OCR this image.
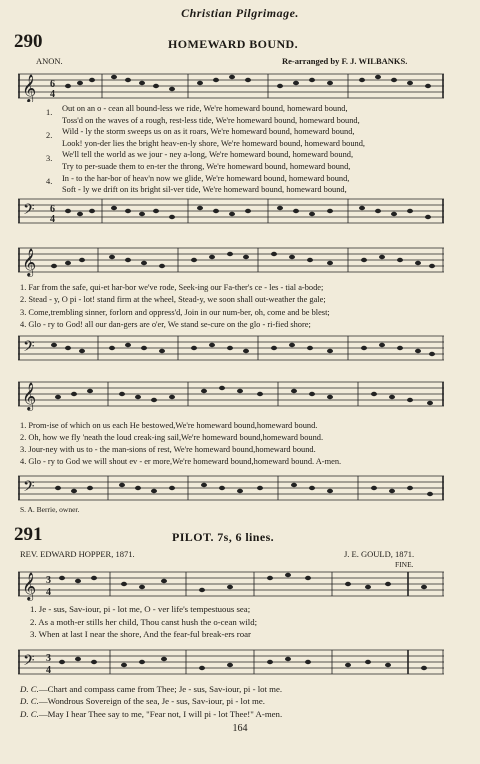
Christian Pilgrimage.
290	HOMEWARD BOUND.
ANON.	Re-arranged by F. J. WILBANKS.
𝄞 6
4
1.
2.
3.
4.
Out on an o - cean all bound-less we ride, We're homeward bound, homeward bound,
Toss'd on the waves of a rough, rest-less tide, We're homeward bound, homeward bound,
Wild - ly the storm sweeps us on as it roars, We're homeward bound, homeward bound,
Look! yon-der lies the bright heav-en-ly shore, We're homeward bound, homeward bound,
We'll tell the world as we jour - ney a-long, We're homeward bound, homeward bound,
Try to per-suade them to en-ter the throng, We're homeward bound, homeward bound,
In - to the har-bor of heav'n now we glide, We're homeward bound, homeward bound,
Soft - ly we drift on its bright sil-ver tide, We're homeward bound, homeward bound,
𝄢 6
4
𝄞
1. Far from the safe, qui-et har-bor we've rode, Seek-ing our Fa-ther's ce - les - tial a-bode;
2. Stead - y, O pi - lot! stand firm at the wheel, Stead-y, we soon shall out-weather the gale;
3. Come,trembling sinner, forlorn and oppress'd, Join in our num-ber, oh, come and be blest;
4. Glo - ry to God! all our dan-gers are o'er, We stand se-cure on the glo - ri-fied shore;
𝄢
𝄞
1. Prom-ise of which on us each He bestowed,We're homeward bound,homeward bound.
2. Oh, how we fly 'neath the loud creak-ing sail,We're homeward bound,homeward bound.
3. Jour-ney with us to - the man-sions of rest, We're homeward bound,homeward bound.
4. Glo - ry to God we will shout ev - er more,We're homeward bound,homeward bound. A-men.
𝄢
S. A. Berrie, owner.
291	PILOT. 7s, 6 lines.
REV. EDWARD HOPPER, 1871.	J. E. GOULD, 1871.
FINE.
𝄞 3
4
1. Je - sus, Sav-iour, pi - lot me, O - ver life's tempestuous sea;
2. As a moth-er stills her child, Thou canst hush the o-cean wild;
3. When at last I near the shore, And the fear-ful break-ers roar
𝄢 3
4
D. C.—Chart and compass came from Thee; Je - sus, Sav-iour, pi - lot me.
D. C.—Wondrous Sovereign of the sea, Je - sus, Sav-iour, pi - lot me.
D. C.—May I hear Thee say to me, "Fear not, I will pi - lot Thee!" A-men.
164
